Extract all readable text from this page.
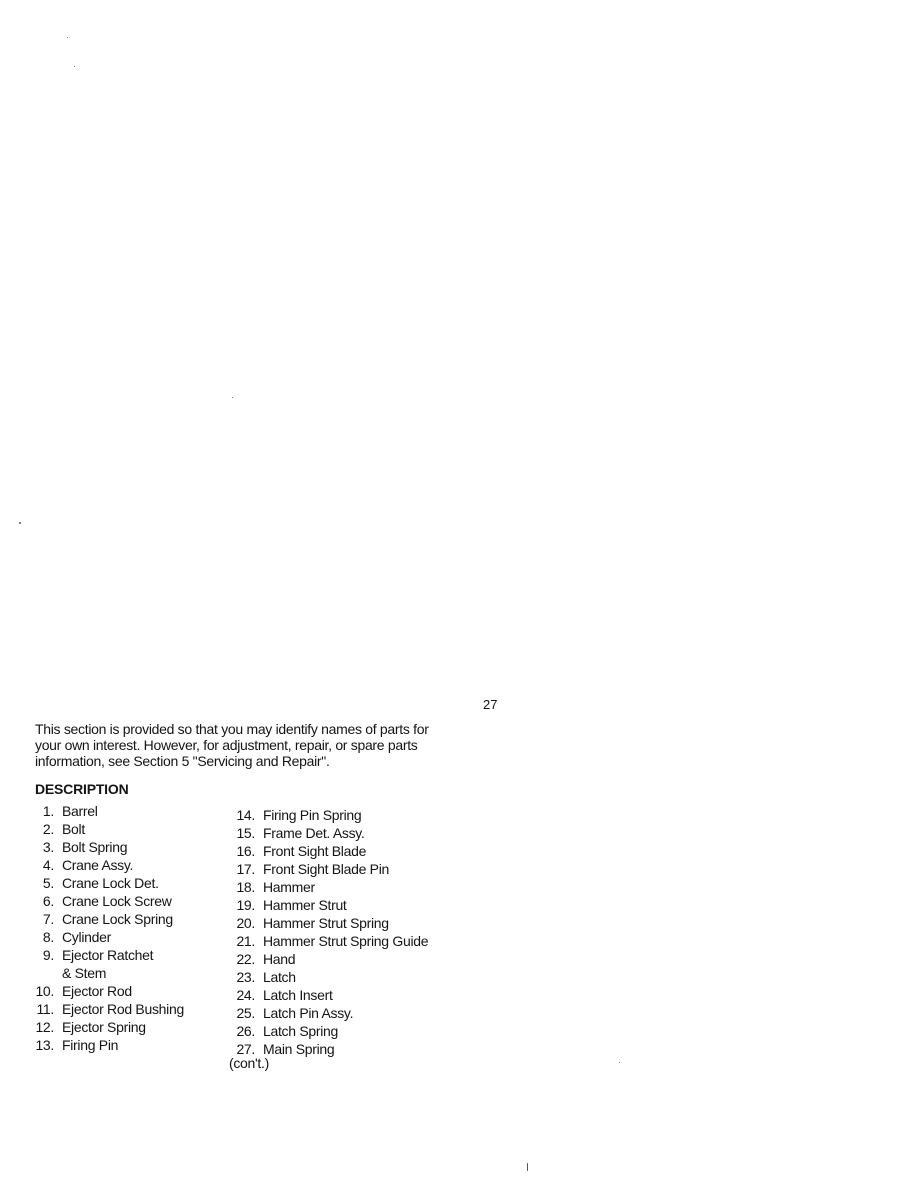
27
This section is provided so that you may identify names of parts for
your own interest. However, for adjustment, repair, or spare parts
information, see Section 5 "Servicing and Repair".
DESCRIPTION
1. Barrel
2. Bolt
3. Bolt Spring
4. Crane Assy.
5. Crane Lock Det.
6. Crane Lock Screw
7. Crane Lock Spring
8. Cylinder
9. Ejector Ratchet
& Stem
10. Ejector Rod
11. Ejector Rod Bushing
12. Ejector Spring
13. Firing Pin
14. Firing Pin Spring
15. Frame Det. Assy.
16. Front Sight Blade
17. Front Sight Blade Pin
18. Hammer
19. Hammer Strut
20. Hammer Strut Spring
21. Hammer Strut Spring Guide
22. Hand
23. Latch
24. Latch Insert
25. Latch Pin Assy.
26. Latch Spring
27. Main Spring
(con't.)
